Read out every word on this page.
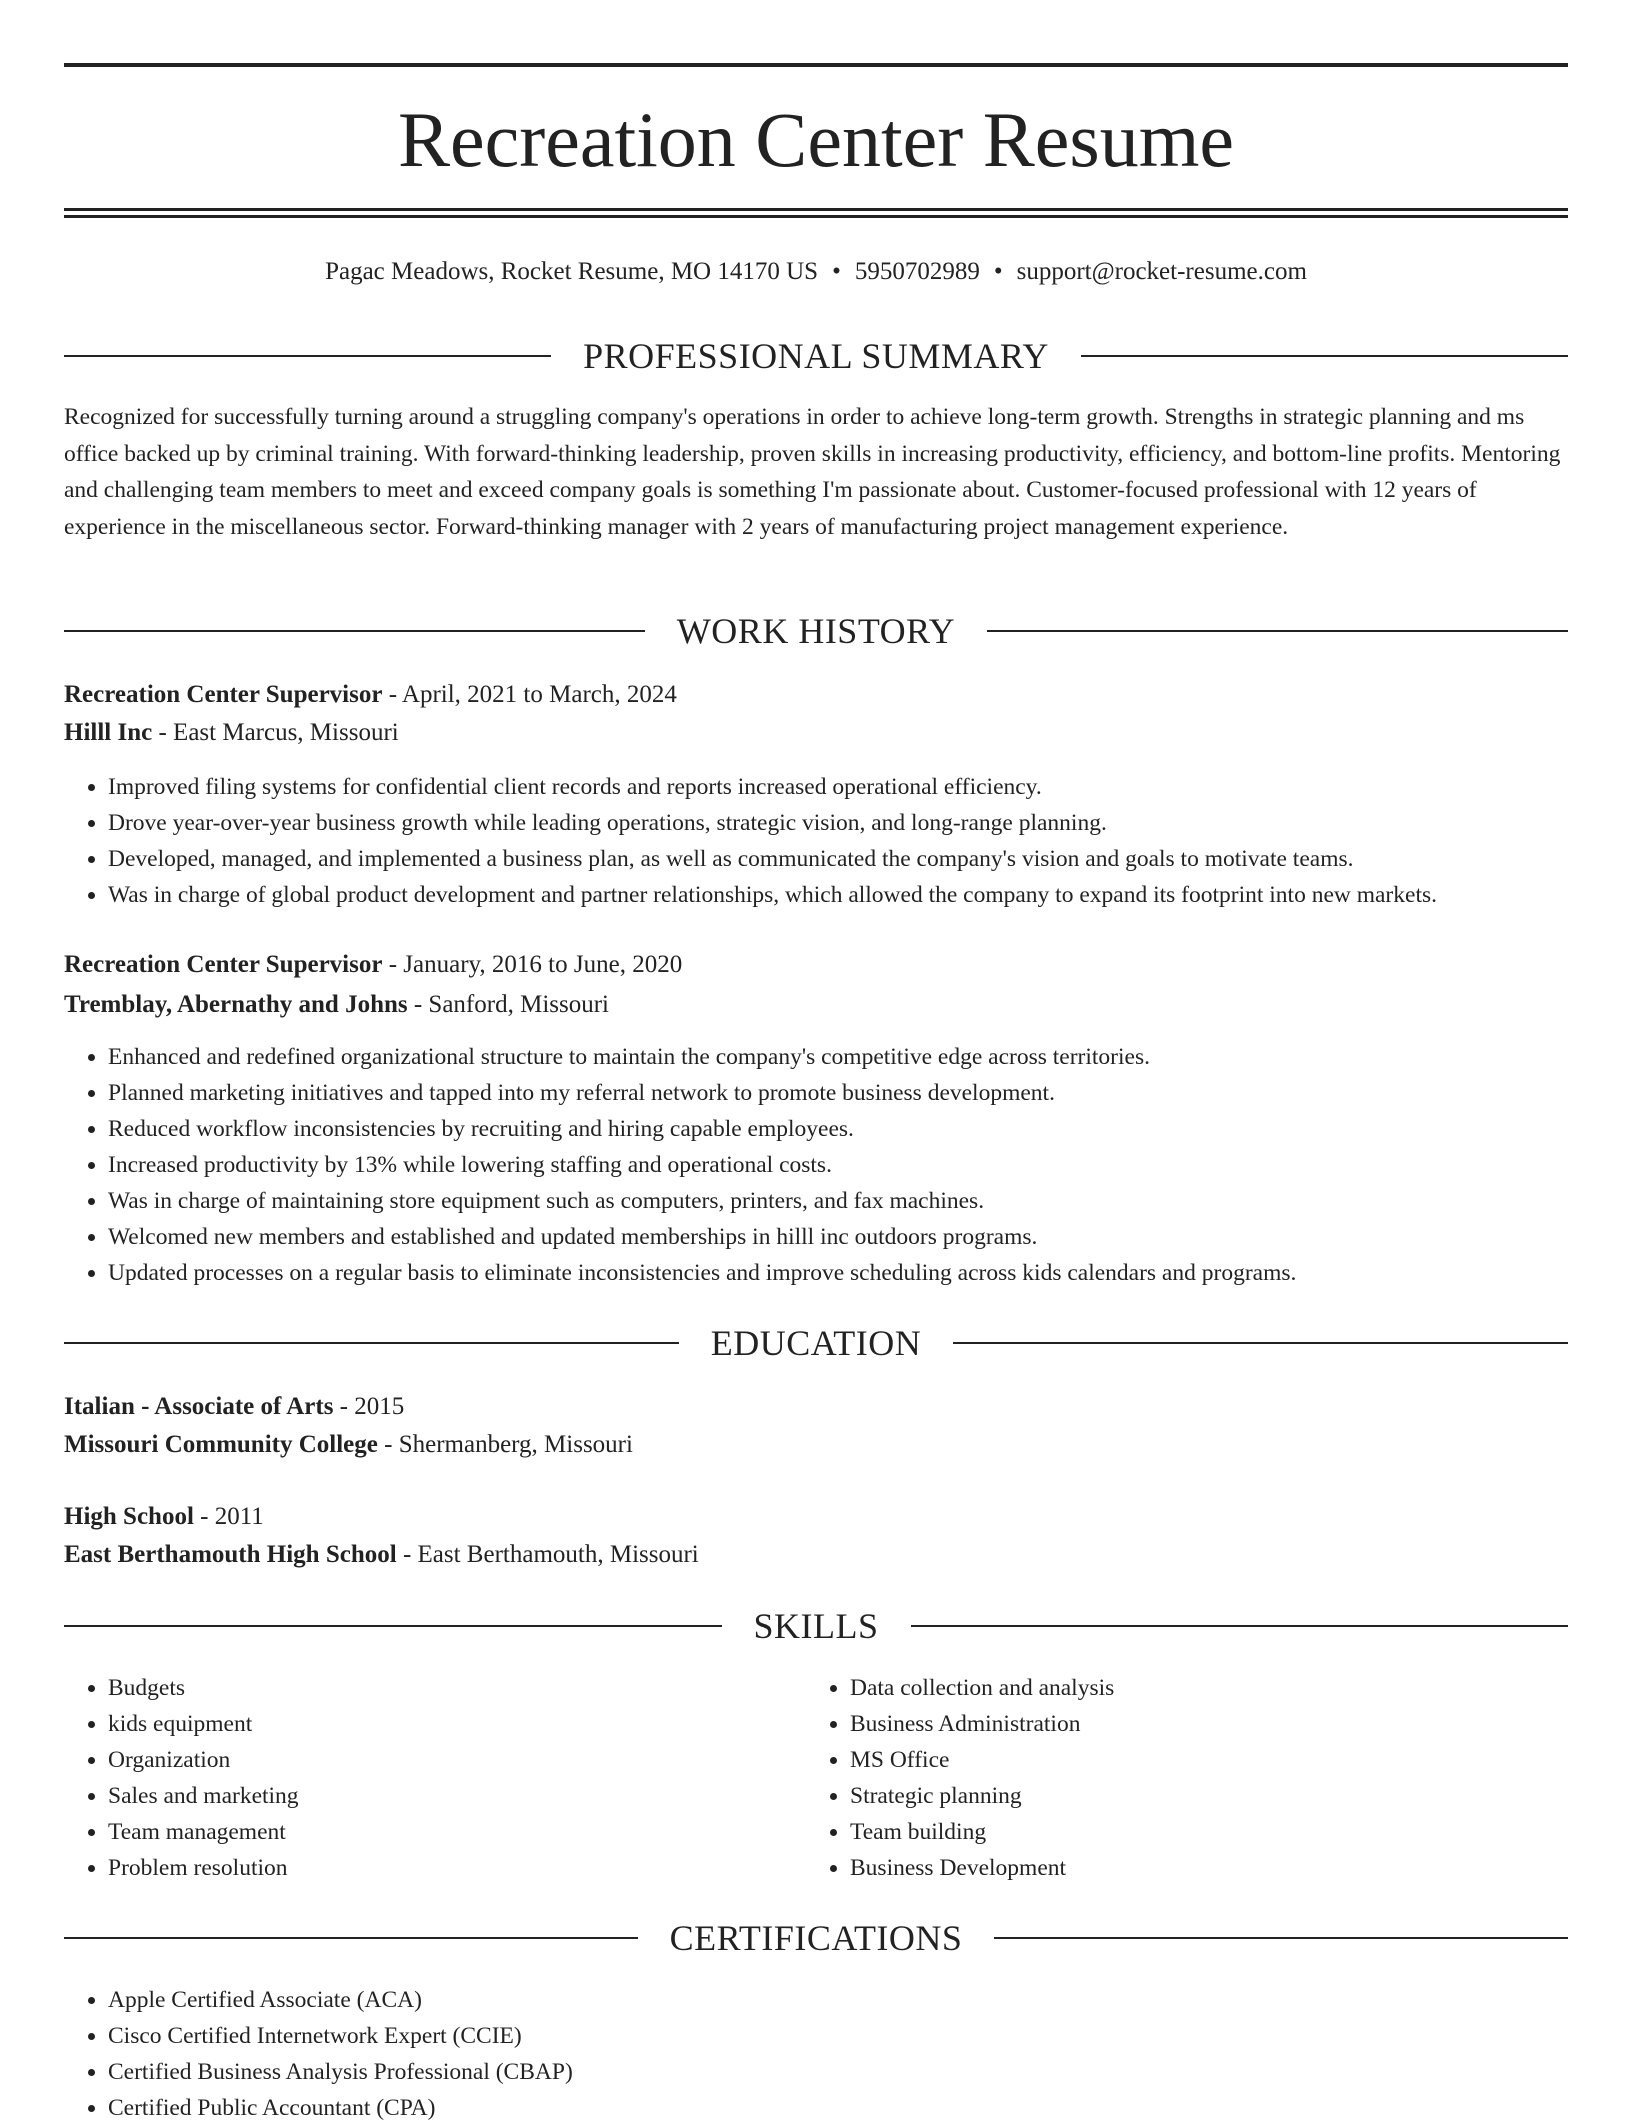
Recreation Center Resume
Pagac Meadows, Rocket Resume, MO 14170 US • 5950702989 • support@rocket-resume.com
PROFESSIONAL SUMMARY
Recognized for successfully turning around a struggling company's operations in order to achieve long-term growth. Strengths in strategic planning and ms office backed up by criminal training. With forward-thinking leadership, proven skills in increasing productivity, efficiency, and bottom-line profits. Mentoring and challenging team members to meet and exceed company goals is something I'm passionate about. Customer-focused professional with 12 years of experience in the miscellaneous sector. Forward-thinking manager with 2 years of manufacturing project management experience.
WORK HISTORY
Recreation Center Supervisor - April, 2021 to March, 2024
Hilll Inc - East Marcus, Missouri
• Improved filing systems for confidential client records and reports increased operational efficiency.
• Drove year-over-year business growth while leading operations, strategic vision, and long-range planning.
• Developed, managed, and implemented a business plan, as well as communicated the company's vision and goals to motivate teams.
• Was in charge of global product development and partner relationships, which allowed the company to expand its footprint into new markets.
Recreation Center Supervisor - January, 2016 to June, 2020
Tremblay, Abernathy and Johns - Sanford, Missouri
• Enhanced and redefined organizational structure to maintain the company's competitive edge across territories.
• Planned marketing initiatives and tapped into my referral network to promote business development.
• Reduced workflow inconsistencies by recruiting and hiring capable employees.
• Increased productivity by 13% while lowering staffing and operational costs.
• Was in charge of maintaining store equipment such as computers, printers, and fax machines.
• Welcomed new members and established and updated memberships in hilll inc outdoors programs.
• Updated processes on a regular basis to eliminate inconsistencies and improve scheduling across kids calendars and programs.
EDUCATION
Italian - Associate of Arts - 2015
Missouri Community College - Shermanberg, Missouri
High School - 2011
East Berthamouth High School - East Berthamouth, Missouri
SKILLS
• Budgets
• kids equipment
• Organization
• Sales and marketing
• Team management
• Problem resolution
• Data collection and analysis
• Business Administration
• MS Office
• Strategic planning
• Team building
• Business Development
CERTIFICATIONS
• Apple Certified Associate (ACA)
• Cisco Certified Internetwork Expert (CCIE)
• Certified Business Analysis Professional (CBAP)
• Certified Public Accountant (CPA)
